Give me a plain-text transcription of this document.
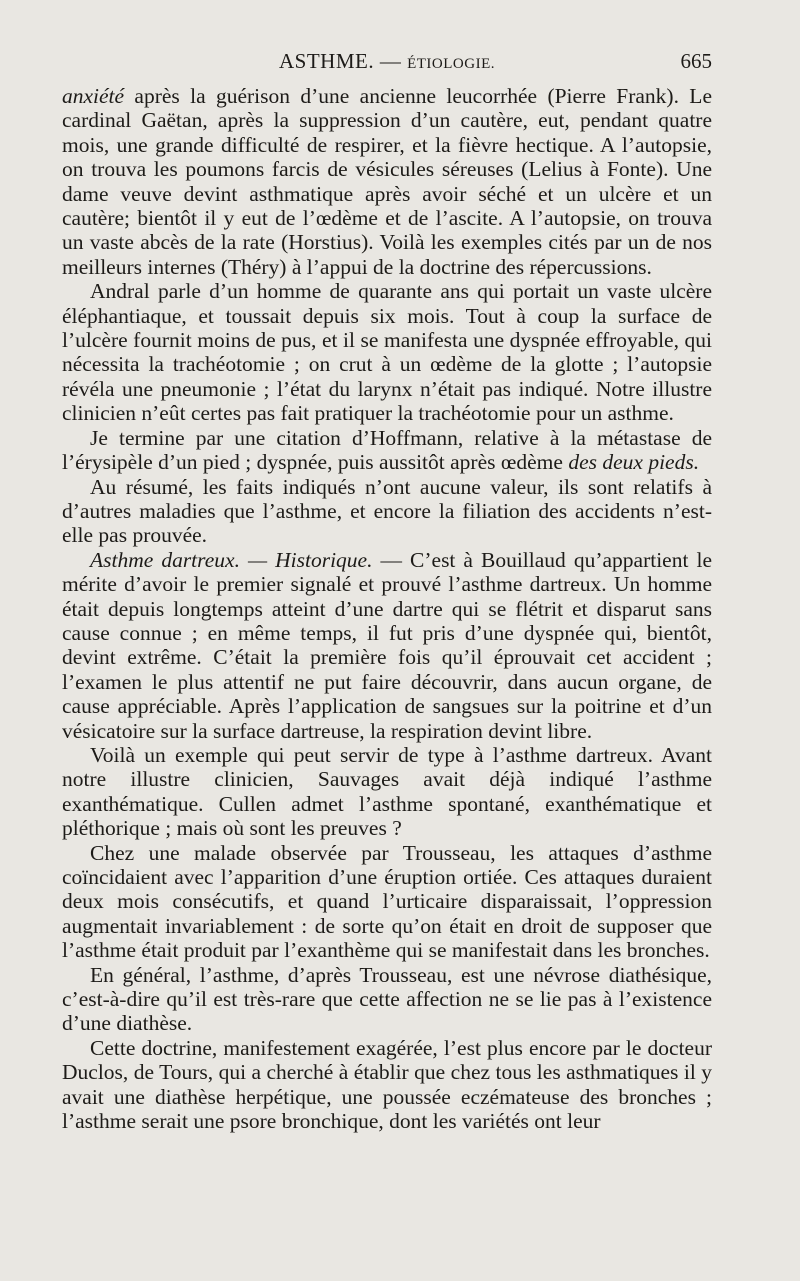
ASTHME. — ÉTIOLOGIE.	665

anxiété après la guérison d’une ancienne leucorrhée (Pierre Frank). Le cardinal Gaëtan, après la suppression d’un cautère, eut, pendant quatre mois, une grande difficulté de respirer, et la fièvre hectique. A l’autopsie, on trouva les poumons farcis de vésicules séreuses (Lelius à Fonte). Une dame veuve devint asthmatique après avoir séché et un ulcère et un cautère; bientôt il y eut de l’œdème et de l’ascite. A l’autopsie, on trouva un vaste abcès de la rate (Horstius). Voilà les exemples cités par un de nos meilleurs internes (Théry) à l’appui de la doctrine des répercussions.

Andral parle d’un homme de quarante ans qui portait un vaste ulcère éléphantiaque, et toussait depuis six mois. Tout à coup la surface de l’ulcère fournit moins de pus, et il se manifesta une dyspnée effroyable, qui nécessita la trachéotomie ; on crut à un œdème de la glotte ; l’autopsie révéla une pneumonie ; l’état du larynx n’était pas indiqué. Notre illustre clinicien n’eût certes pas fait pratiquer la trachéotomie pour un asthme.

Je termine par une citation d’Hoffmann, relative à la métastase de l’érysipèle d’un pied ; dyspnée, puis aussitôt après œdème des deux pieds.

Au résumé, les faits indiqués n’ont aucune valeur, ils sont relatifs à d’autres maladies que l’asthme, et encore la filiation des accidents n’est-elle pas prouvée.

Asthme dartreux. — Historique. — C’est à Bouillaud qu’appartient le mérite d’avoir le premier signalé et prouvé l’asthme dartreux. Un homme était depuis longtemps atteint d’une dartre qui se flétrit et disparut sans cause connue ; en même temps, il fut pris d’une dyspnée qui, bientôt, devint extrême. C’était la première fois qu’il éprouvait cet accident ; l’examen le plus attentif ne put faire découvrir, dans aucun organe, de cause appréciable. Après l’application de sangsues sur la poitrine et d’un vésicatoire sur la surface dartreuse, la respiration devint libre.

Voilà un exemple qui peut servir de type à l’asthme dartreux. Avant notre illustre clinicien, Sauvages avait déjà indiqué l’asthme exanthématique. Cullen admet l’asthme spontané, exanthématique et pléthorique ; mais où sont les preuves ?

Chez une malade observée par Trousseau, les attaques d’asthme coïncidaient avec l’apparition d’une éruption ortiée. Ces attaques duraient deux mois consécutifs, et quand l’urticaire disparaissait, l’oppression augmentait invariablement : de sorte qu’on était en droit de supposer que l’asthme était produit par l’exanthème qui se manifestait dans les bronches.

En général, l’asthme, d’après Trousseau, est une névrose diathésique, c’est-à-dire qu’il est très-rare que cette affection ne se lie pas à l’existence d’une diathèse.

Cette doctrine, manifestement exagérée, l’est plus encore par le docteur Duclos, de Tours, qui a cherché à établir que chez tous les asthmatiques il y avait une diathèse herpétique, une poussée eczémateuse des bronches ; l’asthme serait une psore bronchique, dont les variétés ont leur
